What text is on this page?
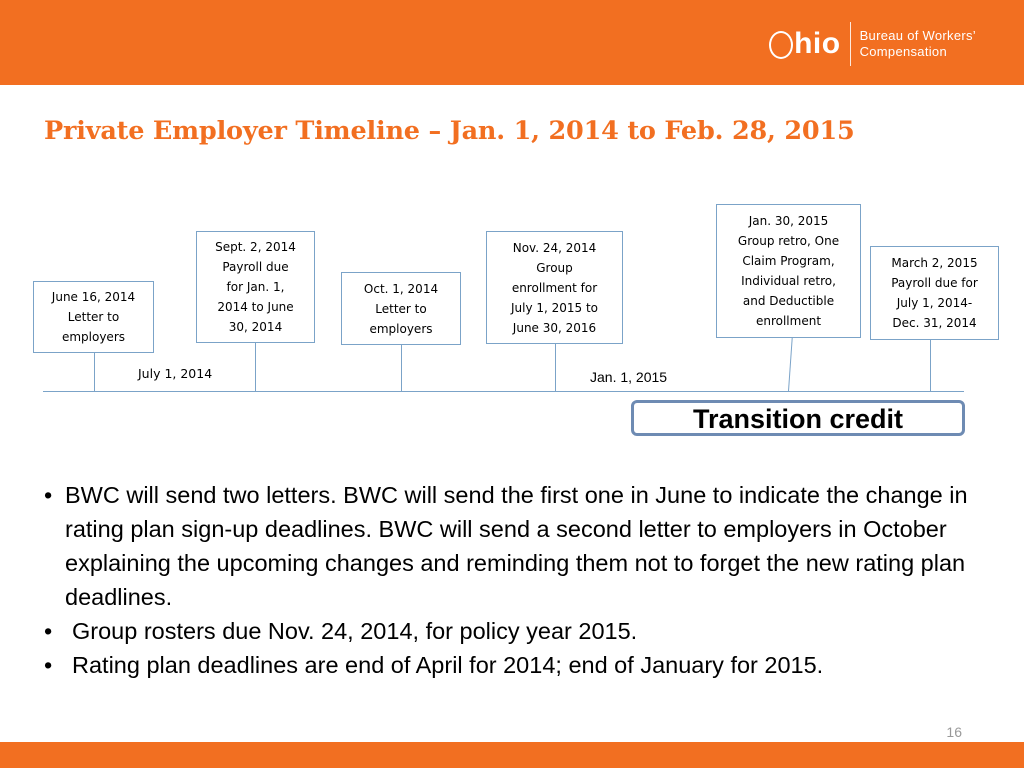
hio Bureau of Workers’
Compensation
Private Employer Timeline – Jan. 1, 2014 to Feb. 28, 2015
June 16, 2014
Letter to
employers
Sept. 2, 2014
Payroll due
for Jan. 1,
2014 to June
30, 2014
Oct. 1, 2014
Letter to
employers
Nov. 24, 2014
Group
enrollment for
July 1, 2015 to
June 30, 2016
Jan. 30, 2015
Group retro, One
Claim Program,
Individual retro,
and Deductible
enrollment
March 2, 2015
Payroll due for
July 1, 2014-
Dec. 31, 2014
July 1, 2014	Jan. 1, 2015
Transition credit
• BWC will send two letters. BWC will send the first one in June to indicate the change in rating plan sign-up deadlines. BWC will send a second letter to employers in October explaining the upcoming changes and reminding them not to forget the new rating plan deadlines.
• Group rosters due Nov. 24, 2014, for policy year 2015.
• Rating plan deadlines are end of April for 2014; end of January for 2015.
16
